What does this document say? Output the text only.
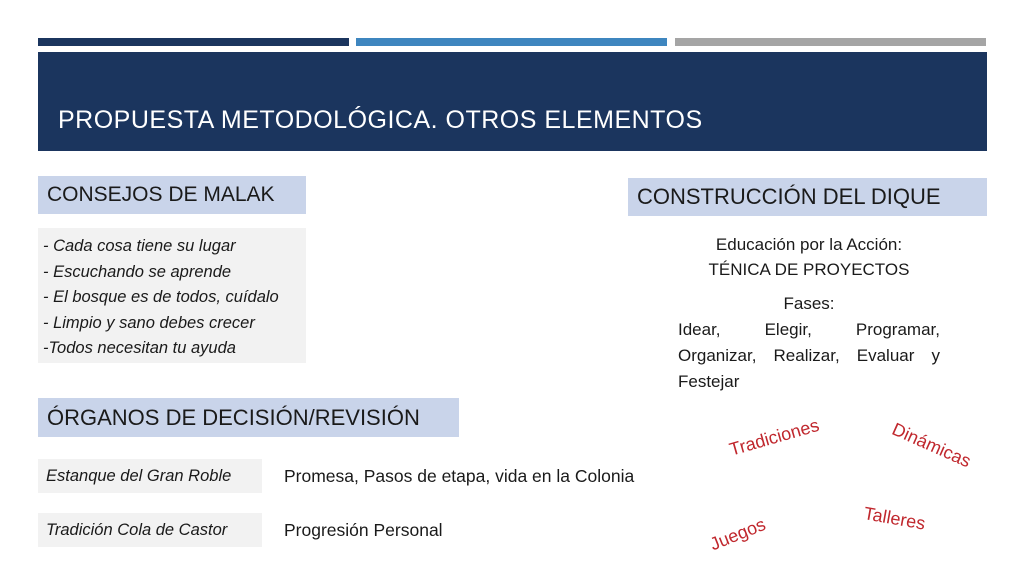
PROPUESTA METODOLÓGICA. OTROS ELEMENTOS
CONSEJOS DE MALAK
- Cada cosa tiene su lugar
- Escuchando se aprende
- El bosque es de todos, cuídalo
- Limpio y sano debes crecer
-Todos necesitan tu ayuda
ÓRGANOS DE DECISIÓN/REVISIÓN
Estanque del Gran Roble	Promesa, Pasos de etapa, vida en la Colonia
Tradición Cola de Castor	Progresión Personal
CONSTRUCCIÓN DEL DIQUE
Educación por la Acción:
TÉNICA DE PROYECTOS
Fases:
Idear,	Elegir,	Programar,
Organizar, Realizar, Evaluar y
Festejar
Tradiciones	Dinámicas
Talleres
Juegos
